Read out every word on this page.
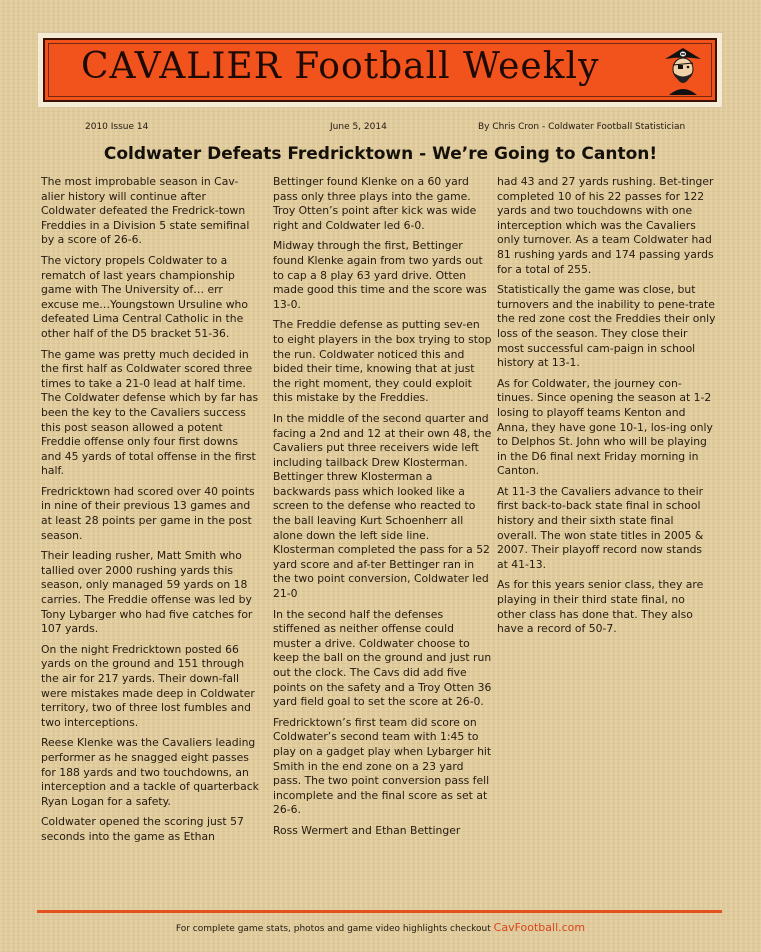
CAVALIER Football Weekly
2010 Issue 14	June 5, 2014	By Chris Cron - Coldwater Football Statistician
Coldwater Defeats Fredricktown - We’re Going to Canton!

The most improbable season in Cav-alier history will continue after Coldwater defeated the Fredrick-town Freddies in a Division 5 state semifinal by a score of 26-6.

The victory propels Coldwater to a rematch of last years championship game with The University of… err excuse me…Youngstown Ursuline who defeated Lima Central Catholic in the other half of the D5 bracket 51-36.

The game was pretty much decided in the first half as Coldwater scored three times to take a 21-0 lead at half time. The Coldwater defense which by far has been the key to the Cavaliers success this post season allowed a potent Freddie offense only four first downs and 45 yards of total offense in the first half.

Fredricktown had scored over 40 points in nine of their previous 13 games and at least 28 points per game in the post season.

Their leading rusher, Matt Smith who tallied over 2000 rushing yards this season, only managed 59 yards on 18 carries. The Freddie offense was led by Tony Lybarger who had five catches for 107 yards.

On the night Fredricktown posted 66 yards on the ground and 151 through the air for 217 yards. Their down-fall were mistakes made deep in Coldwater territory, two of three lost fumbles and two interceptions.

Reese Klenke was the Cavaliers leading performer as he snagged eight passes for 188 yards and two touchdowns, an interception and a tackle of quarterback Ryan Logan for a safety.

Coldwater opened the scoring just 57 seconds into the game as Ethan

Bettinger found Klenke on a 60 yard pass only three plays into the game. Troy Otten’s point after kick was wide right and Coldwater led 6-0.

Midway through the first, Bettinger found Klenke again from two yards out to cap a 8 play 63 yard drive. Otten made good this time and the score was 13-0.

The Freddie defense as putting sev-en to eight players in the box trying to stop the run. Coldwater noticed this and bided their time, knowing that at just the right moment, they could exploit this mistake by the Freddies.

In the middle of the second quarter and facing a 2nd and 12 at their own 48, the Cavaliers put three receivers wide left including tailback Drew Klosterman. Bettinger threw Klosterman a backwards pass which looked like a screen to the defense who reacted to the ball leaving Kurt Schoenherr all alone down the left side line. Klosterman completed the pass for a 52 yard score and af-ter Bettinger ran in the two point conversion, Coldwater led 21-0

In the second half the defenses stiffened as neither offense could muster a drive. Coldwater choose to keep the ball on the ground and just run out the clock. The Cavs did add five points on the safety and a Troy Otten 36 yard field goal to set the score at 26-0.

Fredricktown’s first team did score on Coldwater’s second team with 1:45 to play on a gadget play when Lybarger hit Smith in the end zone on a 23 yard pass. The two point conversion pass fell incomplete and the final score as set at 26-6.

Ross Wermert and Ethan Bettinger

had 43 and 27 yards rushing. Bet-tinger completed 10 of his 22 passes for 122 yards and two touchdowns with one interception which was the Cavaliers only turnover. As a team Coldwater had 81 rushing yards and 174 passing yards for a total of 255.

Statistically the game was close, but turnovers and the inability to pene-trate the red zone cost the Freddies their only loss of the season. They close their most successful cam-paign in school history at 13-1.

As for Coldwater, the journey con-tinues. Since opening the season at 1-2 losing to playoff teams Kenton and Anna, they have gone 10-1, los-ing only to Delphos St. John who will be playing in the D6 final next Friday morning in Canton.

At 11-3 the Cavaliers advance to their first back-to-back state final in school history and their sixth state final overall. The won state titles in 2005 & 2007. Their playoff record now stands at 41-13.

As for this years senior class, they are playing in their third state final, no other class has done that. They also have a record of 50-7.

For complete game stats, photos and game video highlights checkout CavFootball.com
